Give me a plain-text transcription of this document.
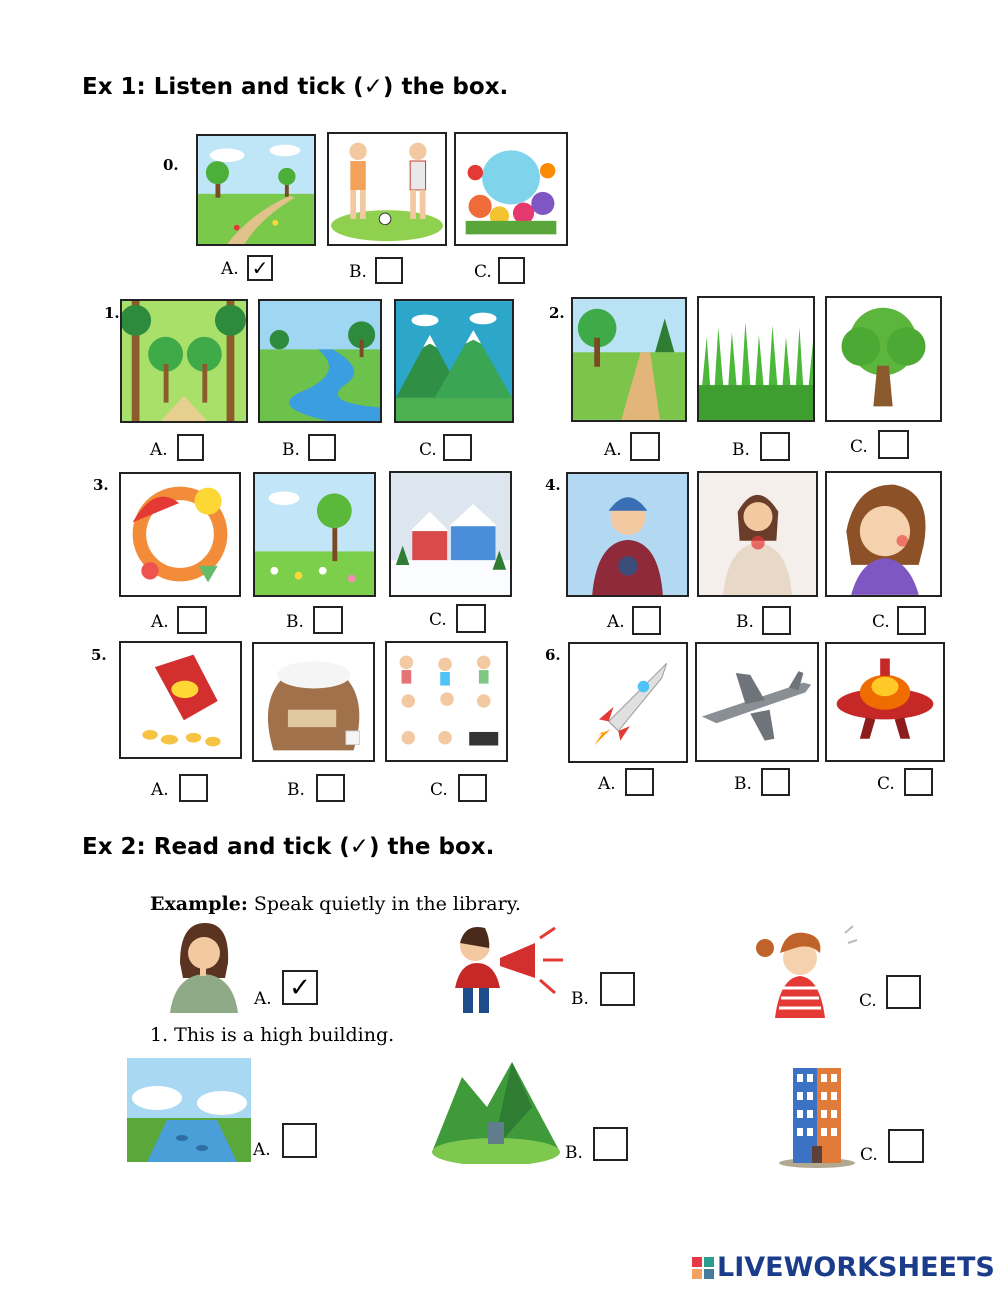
Ex 1: Listen and tick (✓) the box.
0.
A. ✓	B.	C.
1.
A.	B.	C.
2.
A.	B.	C.
3.
A.	B.	C.
4.
A.	B.	C.
5.
A.	B.	C.
6.
A.	B.	C.
Ex 2: Read and tick (✓) the box.
Example: Speak quietly in the library.
A. ✓	B.	C.
1. This is a high building.
A.	B.	C.
LIVEWORKSHEETS
